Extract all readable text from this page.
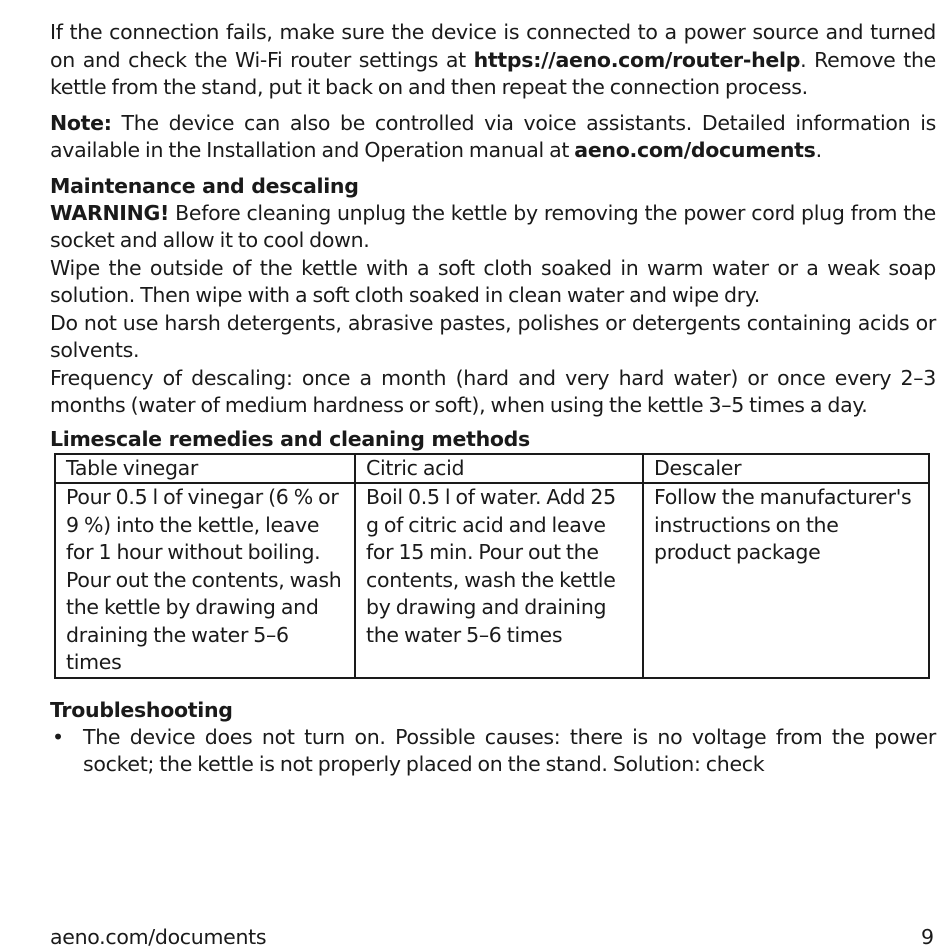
If the connection fails, make sure the device is connected to a power source and turned on and check the Wi-Fi router settings at https://aeno.com/router-help. Remove the kettle from the stand, put it back on and then repeat the connection process.

Note: The device can also be controlled via voice assistants. Detailed information is available in the Installation and Operation manual at aeno.com/documents.

Maintenance and descaling

WARNING! Before cleaning unplug the kettle by removing the power cord plug from the socket and allow it to cool down.

Wipe the outside of the kettle with a soft cloth soaked in warm water or a weak soap solution. Then wipe with a soft cloth soaked in clean water and wipe dry.

Do not use harsh detergents, abrasive pastes, polishes or detergents containing acids or solvents.

Frequency of descaling: once a month (hard and very hard water) or once every 2–3 months (water of medium hardness or soft), when using the kettle 3–5 times a day.

Limescale remedies and cleaning methods
Table vinegar	Citric acid	Descaler
Pour 0.5 l of vinegar (6 % or 9 %) into the kettle, leave for 1 hour without boiling. Pour out the contents, wash the kettle by drawing and draining the water 5–6 times	Boil 0.5 l of water. Add 25 g of citric acid and leave for 15 min. Pour out the contents, wash the kettle by drawing and draining the water 5–6 times	Follow the manufacturer's instructions on the product package
Troubleshooting
• The device does not turn on. Possible causes: there is no voltage from the power socket; the kettle is not properly placed on the stand. Solution: check
aeno.com/documents	9
